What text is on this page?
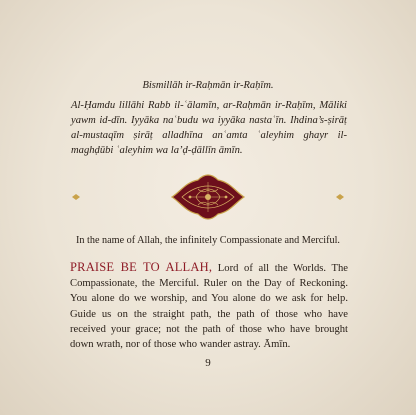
Bismillāh ir-Raḥmān ir-Raḥīm.
Al-Ḥamdu lillāhi Rabb il-ʿālamīn, ar-Raḥmān ir-Raḥīm, Māliki yawm id-dīn. Iyyāka naʿbudu wa iyyāka nastaʿīn. Ihdina’s-ṣirāṭ al-mustaqīm ṣirāṭ alladhīna anʿamta ʿaleyhim ghayr il-maghḍūbi ʿaleyhim wa la’ḍ-ḍāllīn āmīn.
In the name of Allah, the infinitely Compassionate and Merciful.
PRAISE BE TO ALLAH, Lord of all the Worlds. The Compassionate, the Merciful. Ruler on the Day of Reckoning. You alone do we worship, and You alone do we ask for help. Guide us on the straight path, the path of those who have received your grace; not the path of those who have brought down wrath, nor of those who wander astray. Āmīn.
9
